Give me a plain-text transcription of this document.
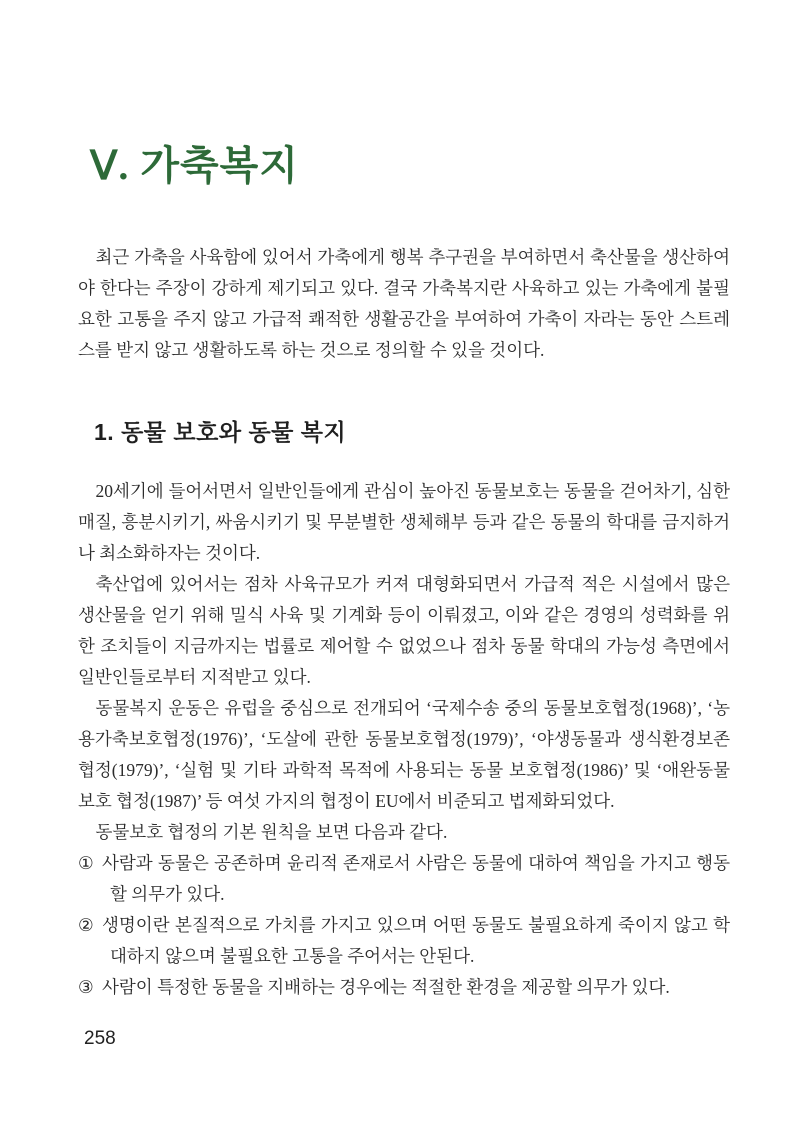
Ⅴ. 가축복지

최근 가축을 사육함에 있어서 가축에게 행복 추구권을 부여하면서 축산물을 생산하여야 한다는 주장이 강하게 제기되고 있다. 결국 가축복지란 사육하고 있는 가축에게 불필요한 고통을 주지 않고 가급적 쾌적한 생활공간을 부여하여 가축이 자라는 동안 스트레스를 받지 않고 생활하도록 하는 것으로 정의할 수 있을 것이다.

1. 동물 보호와 동물 복지

20세기에 들어서면서 일반인들에게 관심이 높아진 동물보호는 동물을 걷어차기, 심한 매질, 흥분시키기, 싸움시키기 및 무분별한 생체해부 등과 같은 동물의 학대를 금지하거나 최소화하자는 것이다.

축산업에 있어서는 점차 사육규모가 커져 대형화되면서 가급적 적은 시설에서 많은 생산물을 얻기 위해 밀식 사육 및 기계화 등이 이뤄졌고, 이와 같은 경영의 성력화를 위한 조치들이 지금까지는 법률로 제어할 수 없었으나 점차 동물 학대의 가능성 측면에서 일반인들로부터 지적받고 있다.

동물복지 운동은 유럽을 중심으로 전개되어 ‘국제수송 중의 동물보호협정(1968)’, ‘농용가축보호협정(1976)’, ‘도살에 관한 동물보호협정(1979)’, ‘야생동물과 생식환경보존협정(1979)’, ‘실험 및 기타 과학적 목적에 사용되는 동물 보호협정(1986)’ 및 ‘애완동물 보호 협정(1987)’ 등 여섯 가지의 협정이 EU에서 비준되고 법제화되었다.

동물보호 협정의 기본 원칙을 보면 다음과 같다.

① 사람과 동물은 공존하며 윤리적 존재로서 사람은 동물에 대하여 책임을 가지고 행동할 의무가 있다.
② 생명이란 본질적으로 가치를 가지고 있으며 어떤 동물도 불필요하게 죽이지 않고 학대하지 않으며 불필요한 고통을 주어서는 안된다.
③ 사람이 특정한 동물을 지배하는 경우에는 적절한 환경을 제공할 의무가 있다.
258
